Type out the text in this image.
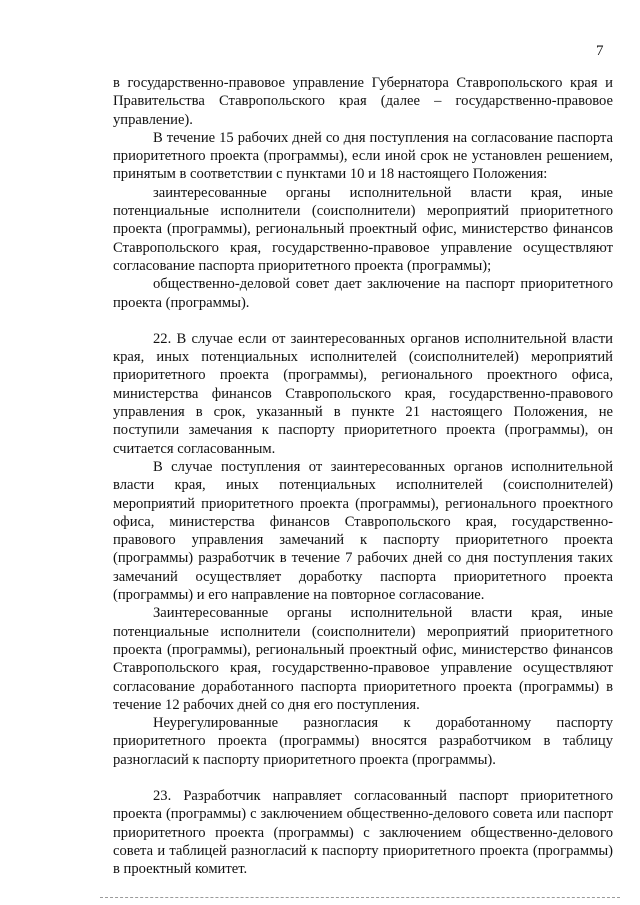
7

в государственно-правовое управление Губернатора Ставропольского края и Правительства Ставропольского края (далее – государственно-правовое управление).

В течение 15 рабочих дней со дня поступления на согласование паспорта приоритетного проекта (программы), если иной срок не установлен решением, принятым в соответствии с пунктами 10 и 18 настоящего Положения:

заинтересованные органы исполнительной власти края, иные потенциальные исполнители (соисполнители) мероприятий приоритетного проекта (программы), региональный проектный офис, министерство финансов Ставропольского края, государственно-правовое управление осуществляют согласование паспорта приоритетного проекта (программы);

общественно-деловой совет дает заключение на паспорт приоритетного проекта (программы).

22. В случае если от заинтересованных органов исполнительной власти края, иных потенциальных исполнителей (соисполнителей) мероприятий приоритетного проекта (программы), регионального проектного офиса, министерства финансов Ставропольского края, государственно-правового управления в срок, указанный в пункте 21 настоящего Положения, не поступили замечания к паспорту приоритетного проекта (программы), он считается согласованным.

В случае поступления от заинтересованных органов исполнительной власти края, иных потенциальных исполнителей (соисполнителей) мероприятий приоритетного проекта (программы), регионального проектного офиса, министерства финансов Ставропольского края, государственно-правового управления замечаний к паспорту приоритетного проекта (программы) разработчик в течение 7 рабочих дней со дня поступления таких замечаний осуществляет доработку паспорта приоритетного проекта (программы) и его направление на повторное согласование.

Заинтересованные органы исполнительной власти края, иные потенциальные исполнители (соисполнители) мероприятий приоритетного проекта (программы), региональный проектный офис, министерство финансов Ставропольского края, государственно-правовое управление осуществляют согласование доработанного паспорта приоритетного проекта (программы) в течение 12 рабочих дней со дня его поступления.

Неурегулированные разногласия к доработанному паспорту приоритетного проекта (программы) вносятся разработчиком в таблицу разногласий к паспорту приоритетного проекта (программы).

23. Разработчик направляет согласованный паспорт приоритетного проекта (программы) с заключением общественно-делового совета или паспорт приоритетного проекта (программы) с заключением общественно-делового совета и таблицей разногласий к паспорту приоритетного проекта (программы) в проектный комитет.
